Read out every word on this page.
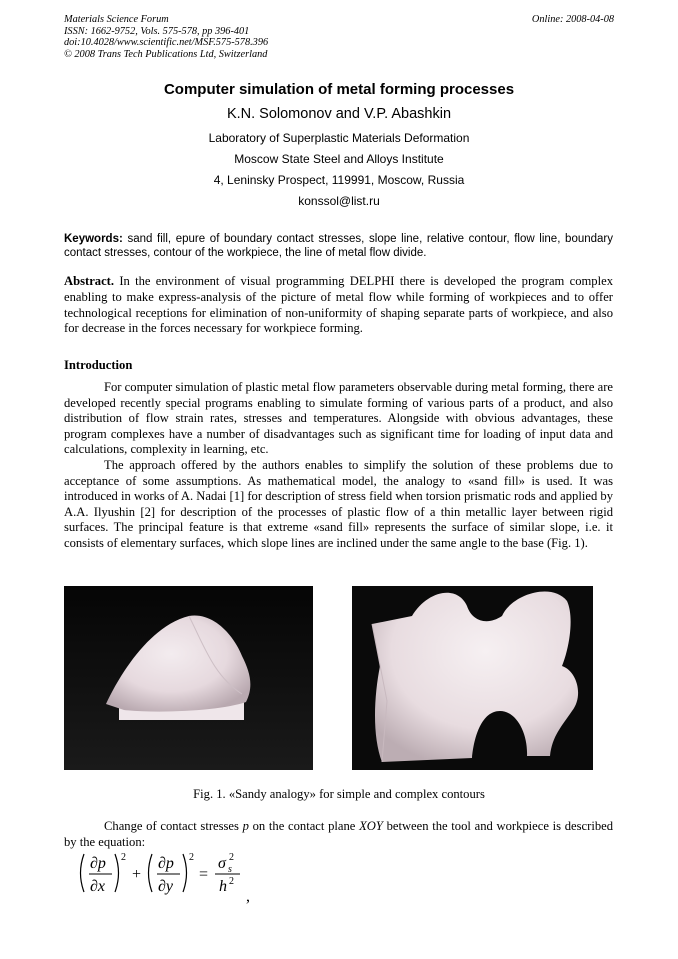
Materials Science Forum
ISSN: 1662-9752, Vols. 575-578, pp 396-401
doi:10.4028/www.scientific.net/MSF.575-578.396
© 2008 Trans Tech Publications Ltd, Switzerland
Online: 2008-04-08
Computer simulation of metal forming processes
K.N. Solomonov and V.P. Abashkin
Laboratory of Superplastic Materials Deformation
Moscow State Steel and Alloys Institute
4, Leninsky Prospect, 119991, Moscow, Russia
konssol@list.ru
Keywords: sand fill, epure of boundary contact stresses, slope line, relative contour, flow line, boundary contact stresses, contour of the workpiece, the line of metal flow divide.
Abstract. In the environment of visual programming DELPHI there is developed the program complex enabling to make express-analysis of the picture of metal flow while forming of workpieces and to offer technological receptions for elimination of non-uniformity of shaping separate parts of workpiece, and also for decrease in the forces necessary for workpiece forming.
Introduction

For computer simulation of plastic metal flow parameters observable during metal forming, there are developed recently special programs enabling to simulate forming of various parts of a product, and also distribution of flow strain rates, stresses and temperatures. Alongside with obvious advantages, these program complexes have a number of disadvantages such as significant time for loading of input data and calculations, complexity in learning, etc.

The approach offered by the authors enables to simplify the solution of these problems due to acceptance of some assumptions. As mathematical model, the analogy to «sand fill» is used. It was introduced in works of A. Nadai [1] for description of stress field when torsion prismatic rods and applied by A.A. Ilyushin [2] for description of the processes of plastic flow of a thin metallic layer between rigid surfaces. The principal feature is that extreme «sand fill» represents the surface of similar slope, i.e. it consists of elementary surfaces, which slope lines are inclined under the same angle to the base (Fig. 1).

Fig. 1. «Sandy analogy» for simple and complex contours

Change of contact stresses p on the contact plane XOY between the tool and workpiece is described by the equation:

∂p
∂x
2
+
∂p
∂y
2
=
σ s
2
h 2
,
